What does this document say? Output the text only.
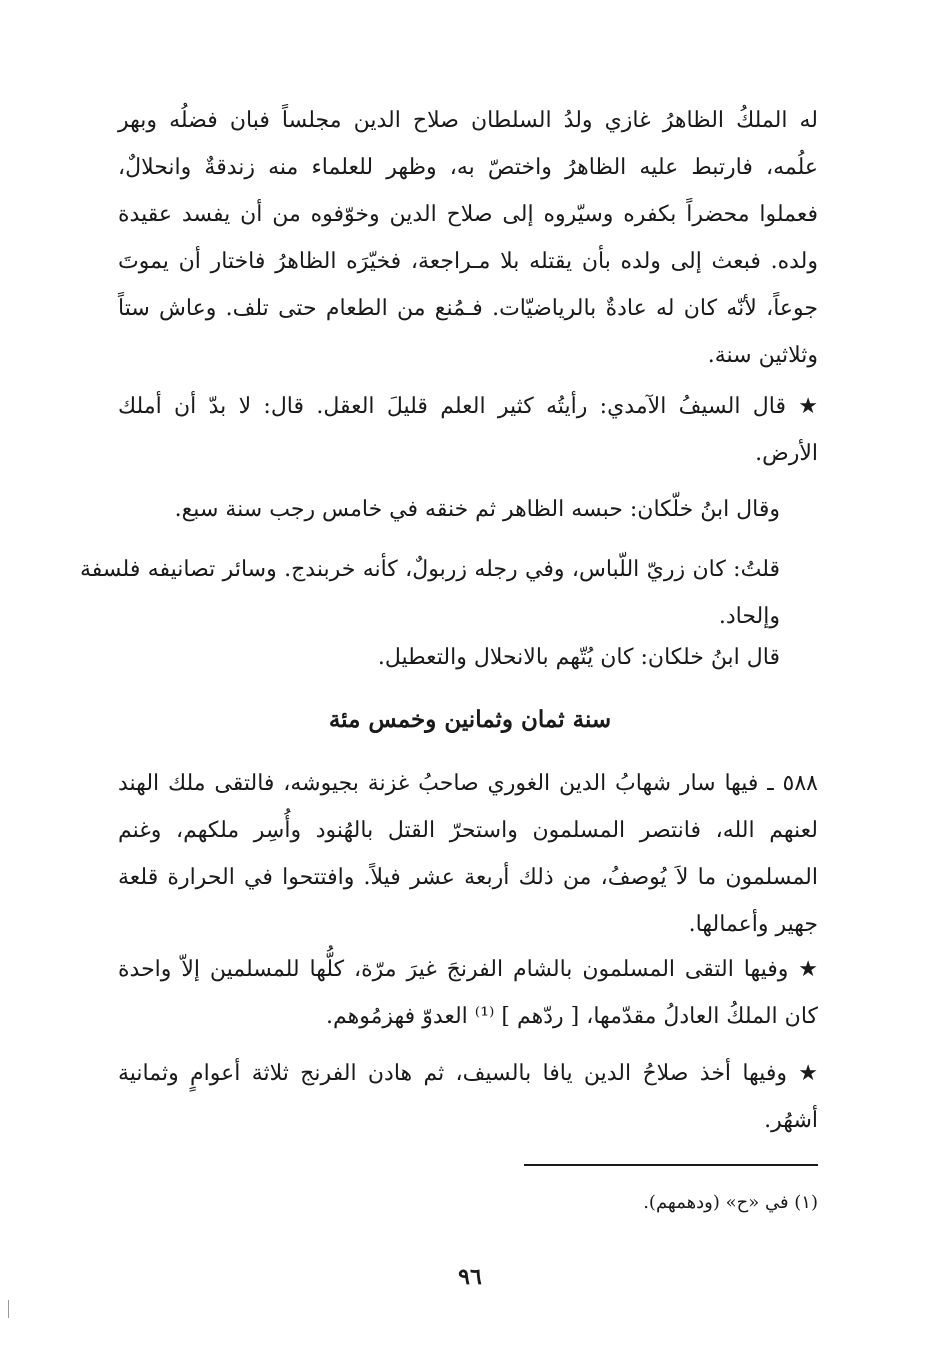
له الملكُ الظاهرُ غازي ولدُ السلطان صلاح الدين مجلساً فبان فضلُه وبهر علُمه، فارتبط عليه الظاهرُ واختصّ به، وظهر للعلماء منه زندقةٌ وانحلالٌ، فعملوا محضراً بكفره وسيّروه إلى صلاح الدين وخوّفوه من أن يفسد عقيدة ولده. فبعث إلى ولده بأن يقتله بلا مـراجعة، فخيّرَه الظاهرُ فاختار أن يموتَ جوعاً، لأنّه كان له عادةٌ بالرياضيّات. فـمُنع من الطعام حتى تلف. وعاش ستاً وثلاثين سنة.

★ قال السيفُ الآمدي: رأيتُه كثير العلم قليلَ العقل. قال: لا بدّ أن أملك الأرض.

وقال ابنُ خلّكان: حبسه الظاهر ثم خنقه في خامس رجب سنة سبع.

قلتُ: كان زريّ اللّباس، وفي رجله زربولٌ، كأنه خربندج. وسائر تصانيفه فلسفة وإلحاد.

قال ابنُ خلكان: كان يُتّهم بالانحلال والتعطيل.

سنة ثمان وثمانين وخمس مئة

٥٨٨ ـ فيها سار شهابُ الدين الغوري صاحبُ غزنة بجيوشه، فالتقى ملك الهند لعنهم الله، فانتصر المسلمون واستحرّ القتل بالهُنود وأُسِر ملكهم، وغنم المسلمون ما لاَ يُوصفُ، من ذلك أربعة عشر فيلاً. وافتتحوا في الحرارة قلعة جهير وأعمالها.

★ وفيها التقى المسلمون بالشام الفرنجَ غيرَ مرّة، كلُّها للمسلمين إلاّ واحدة كان الملكُ العادلُ مقدّمها، [ ردّهم ] ⁽¹⁾ العدوّ فهزمُوهم.

★ وفيها أخذ صلاحُ الدين يافا بالسيف، ثم هادن الفرنج ثلاثة أعوامٍ وثمانية أشهُر.

(١) في «ح» (ودهمهم).

٩٦
